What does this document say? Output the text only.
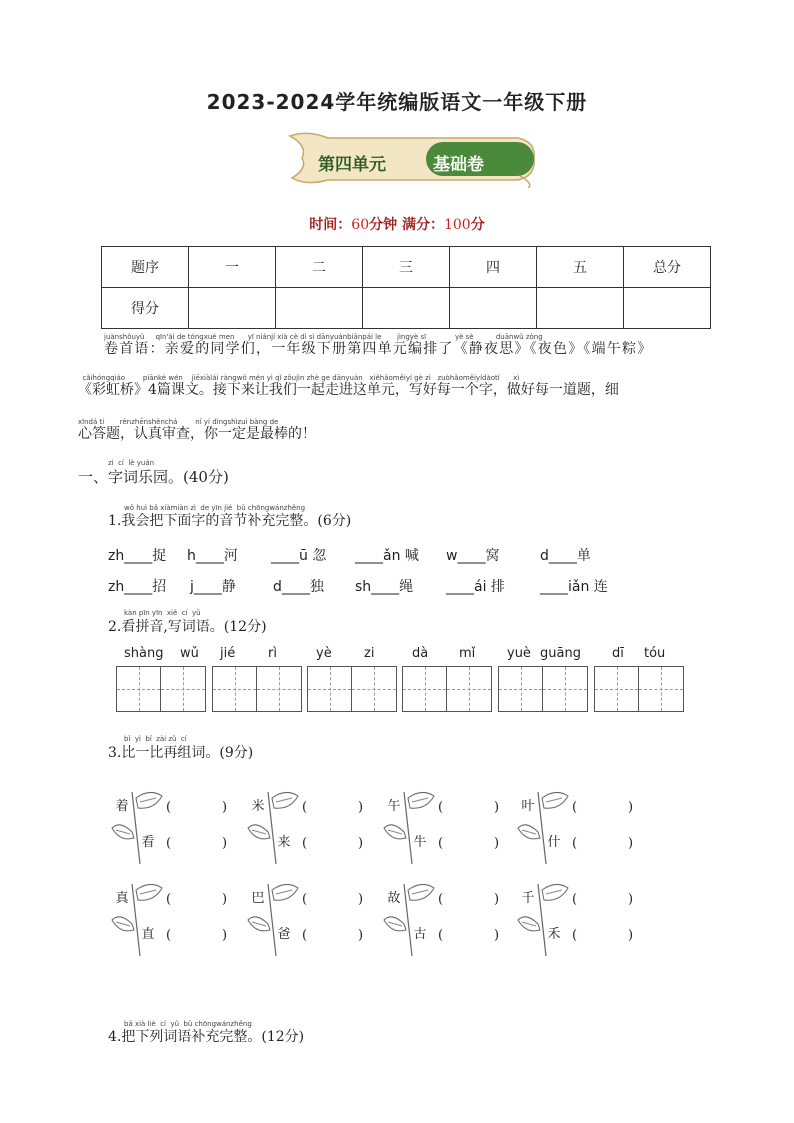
2023-2024学年统编版语文一年级下册
第四单元	基础卷
时间：60分钟 满分：100分
题序	一	二	三	四	五	总分
得分						
juànshǒuyǔ     qīn'ài de tóngxué men      yī niánjí xià cè dì sì dānyuánbiānpái le       jìngyè sī             yè sè          duānwǔ zòng
卷首语：亲爱的同学们，一年级下册第四单元编排了《静夜思》《夜色》《端午粽》
cǎihóngqiáo        piānkè wén    jiēxiàlái ràngwǒ mén yì qǐ zǒujìn zhè ge dānyuán   xiěhǎoměiyí gè zì   zuòhǎoměiyídàotí      xì
《彩虹桥》4篇课文。接下来让我们一起走进这单元，写好每一个字，做好每一道题，细
xīndá tí       rènzhēnshěnchá        nǐ yí dìngshìzuì bàng de
心答题，认真审查，你一定是最棒的！
zì  cí  lè yuán
一、字词乐园。(40分)
wǒ huì bǎ xiàmiàn zì  de yīn jié  bǔ chōngwánzhěng
1.我会把下面字的音节补充完整。(6分)
zh____捉 h____河 ____ū 忽 ____ǎn 喊 w____窝	d____单
zh____招 j____静	d____独 sh____绳 ____ái 排	____iǎn 连
kàn pīn yīn  xiě  cí  yǔ
2.看拼音,写词语。(12分)
shàng wǔ jié	rì	yè zi	dà mǐ yuè guāng dī tóu
bǐ  yì  bǐ  zài zǔ  cí
3.比一比再组词。(9分)
着
看
米
来
午
牛
叶
什
真
直
巴
爸
故
古
千
禾
bǎ xià liè  cí  yǔ  bǔ chōngwánzhěng
4.把下列词语补充完整。(12分)
(	)
(	)
(	)
(	)
(	)
(	)
(	)
(	)
(	)
(	)
(	)
(	)
(	)
(	)
(	)
(	)
